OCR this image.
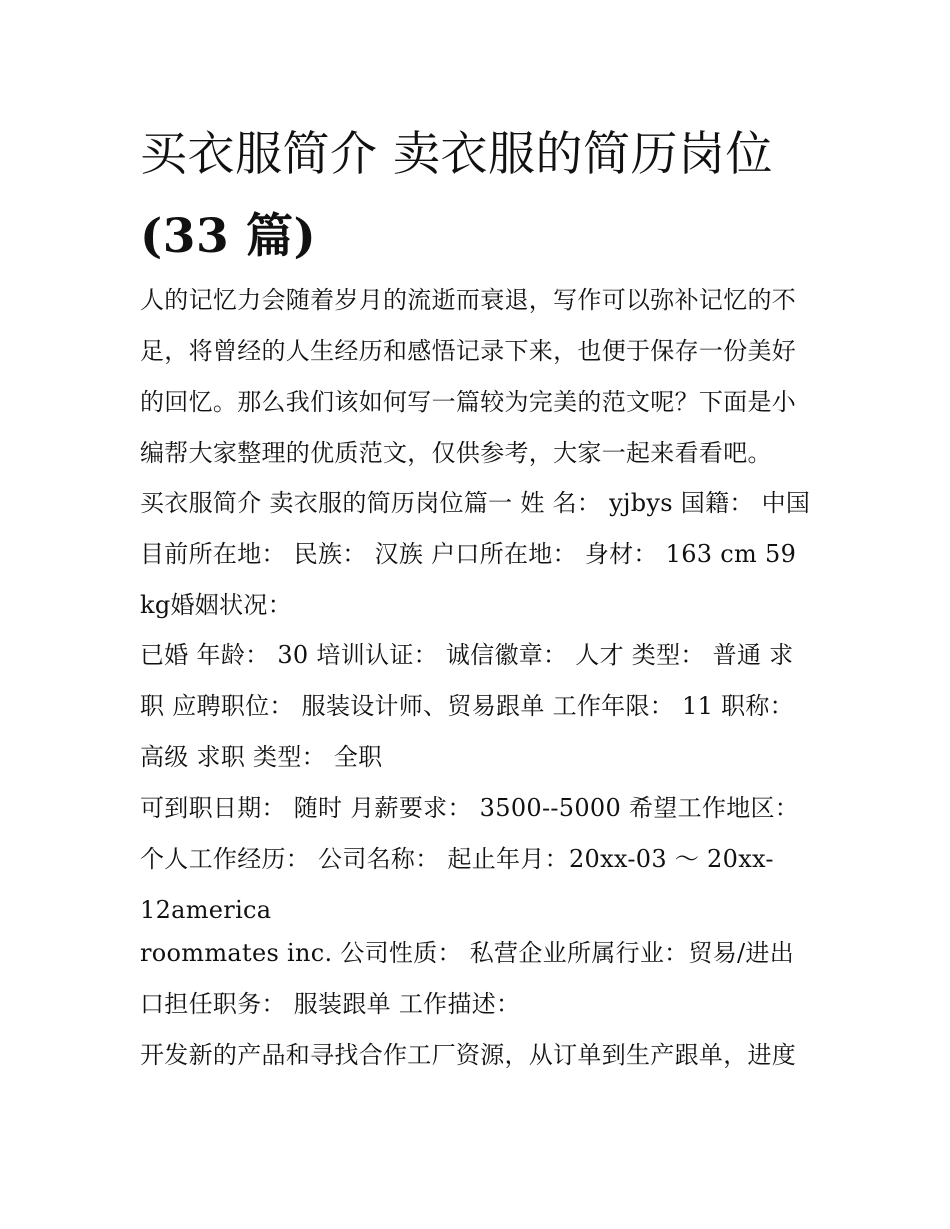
买衣服简介 卖衣服的简历岗位
(33 篇)

人的记忆力会随着岁月的流逝而衰退，写作可以弥补记忆的不足，将曾经的人生经历和感悟记录下来，也便于保存一份美好的回忆。那么我们该如何写一篇较为完美的范文呢？下面是小编帮大家整理的优质范文，仅供参考，大家一起来看看吧。

买衣服简介 卖衣服的简历岗位篇一 姓 名： yjbys 国籍： 中国目前所在地： 民族： 汉族 户口所在地： 身材： 163 cm 59 kg婚姻状况：

已婚 年龄： 30 培训认证： 诚信徽章： 人才 类型： 普通 求职 应聘职位： 服装设计师、贸易跟单 工作年限： 11 职称：高级 求职 类型： 全职

可到职日期： 随时 月薪要求： 3500--5000 希望工作地区： 个人工作经历： 公司名称： 起止年月：20xx-03 ～ 20xx-12america

roommates inc. 公司性质： 私营企业所属行业：贸易/进出口担任职务： 服装跟单 工作描述：

开发新的产品和寻找合作工厂资源，从订单到生产跟单，进度
